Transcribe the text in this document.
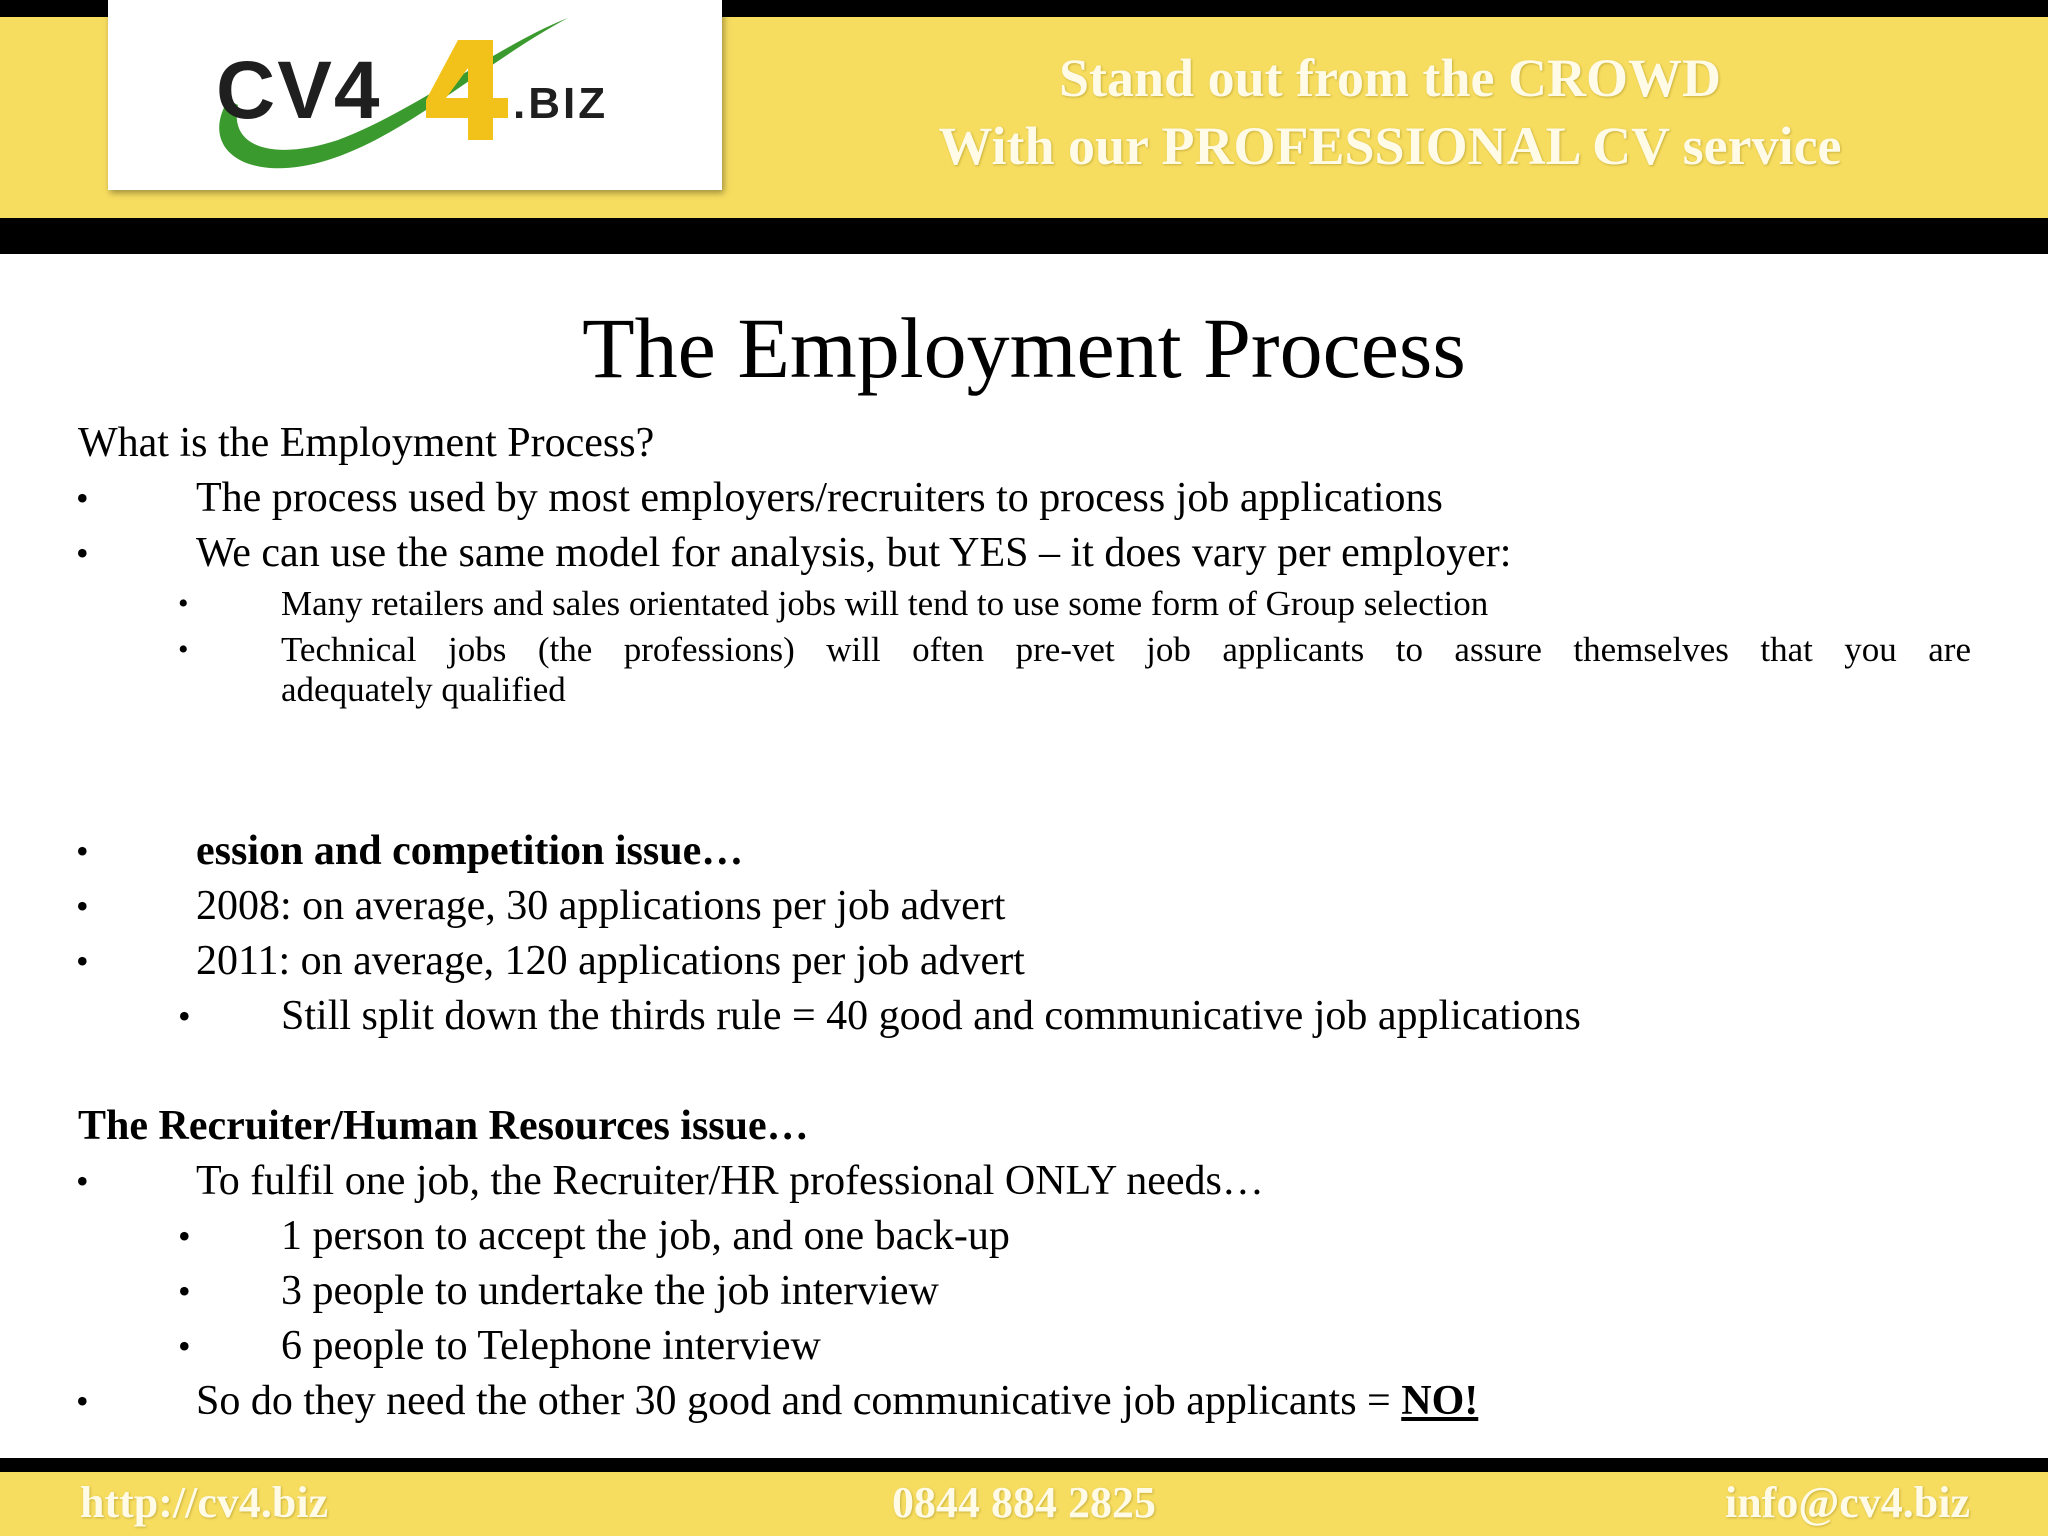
CV4	.BIZ	Stand out from the CROWD
With our PROFESSIONAL CV service
The Employment Process
What is the Employment Process?
•	The process used by most employers/recruiters to process job applications
•	We can use the same model for analysis, but YES – it does vary per employer:
•	Many retailers and sales orientated jobs will tend to use some form of Group selection
•	Technical jobs (the professions) will often pre-vet job applicants to assure themselves that you are
adequately qualified
•	ession and competition issue…
•	2008: on average, 30 applications per job advert
•	2011: on average, 120 applications per job advert
• Still split down the thirds rule = 40 good and communicative job applications
The Recruiter/Human Resources issue…
•	To fulfil one job, the Recruiter/HR professional ONLY needs…
• 1 person to accept the job, and one back-up
• 3 people to undertake the job interview
• 6 people to Telephone interview
•	So do they need the other 30 good and communicative job applicants = NO!
http://cv4.biz	0844 884 2825	info@cv4.biz
